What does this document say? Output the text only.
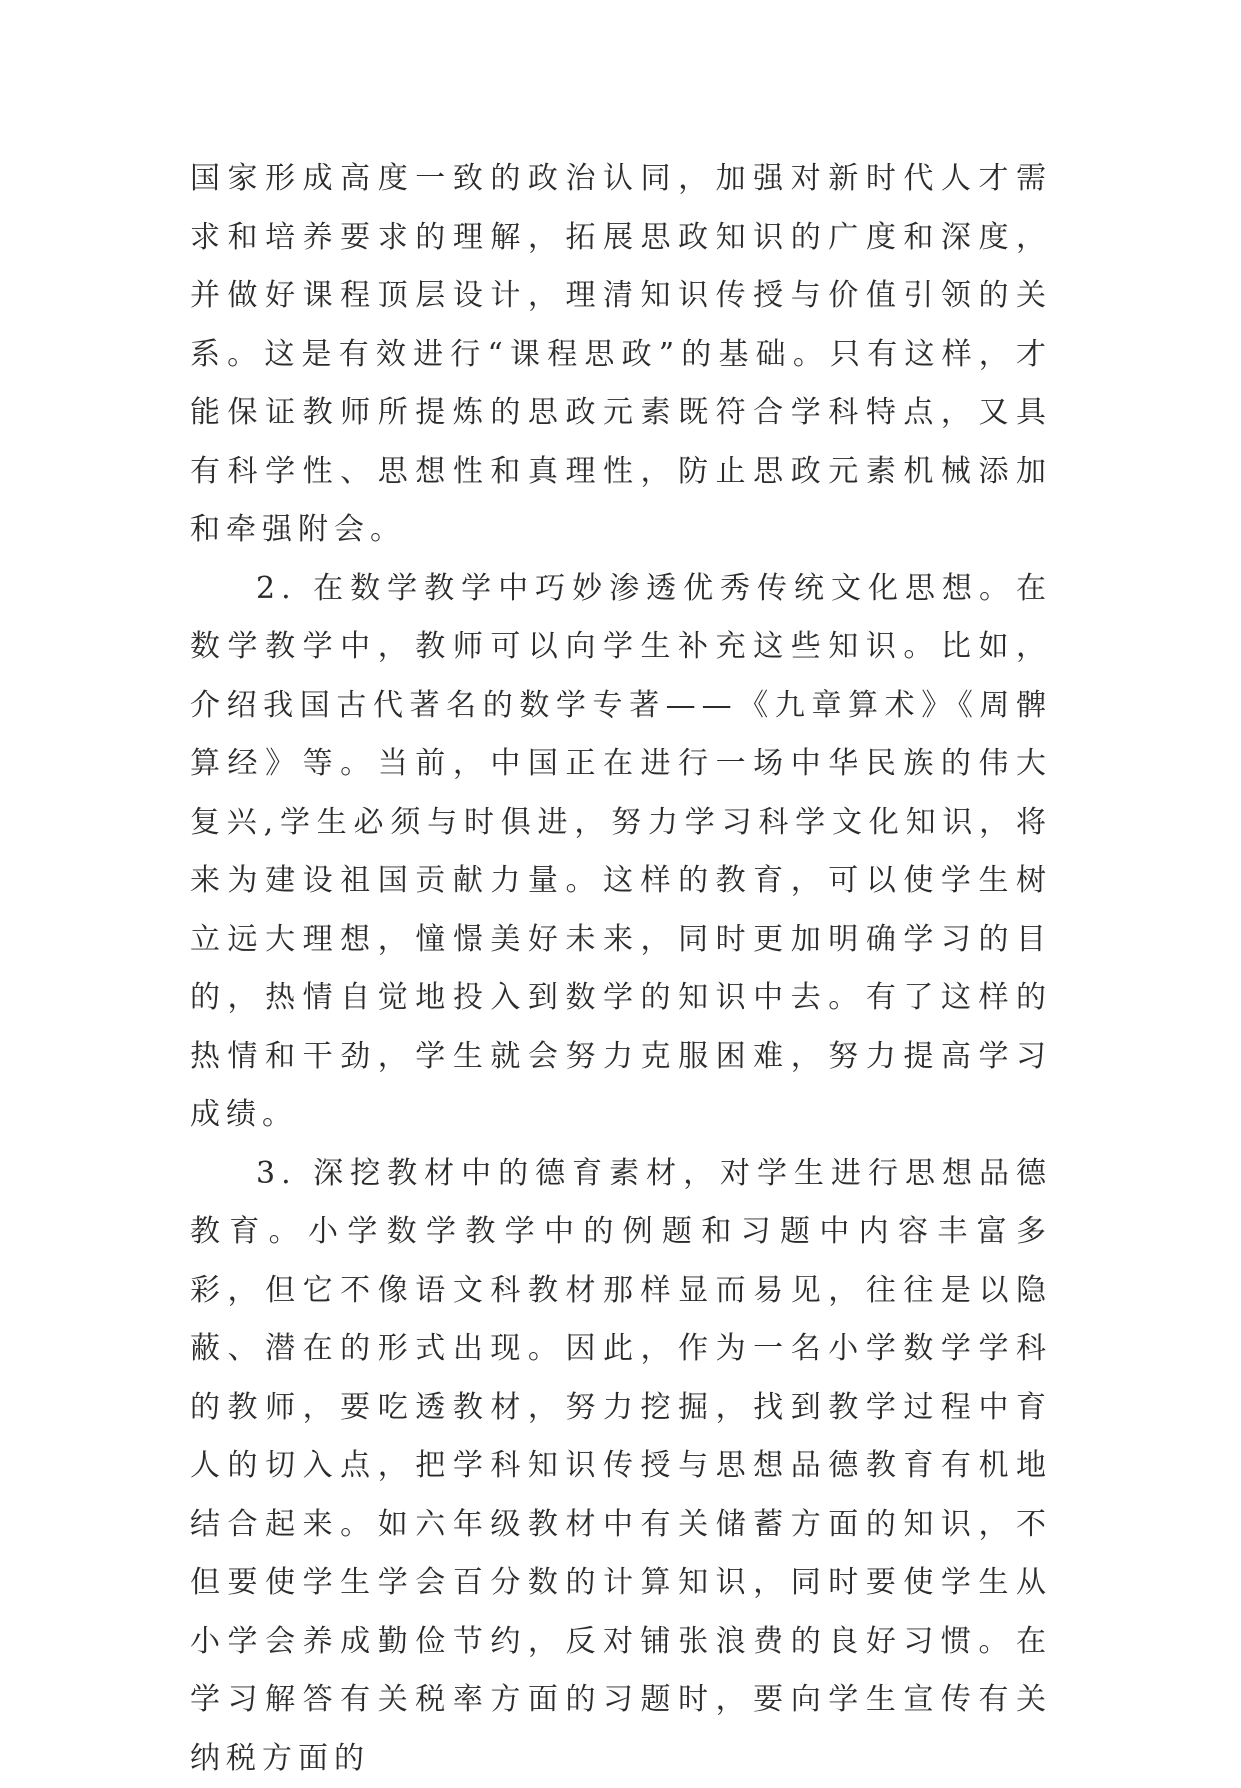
国家形成高度一致的政治认同，加强对新时代人才需求和培养要求的理解，拓展思政知识的广度和深度，并做好课程顶层设计，理清知识传授与价值引领的关系。这是有效进行“课程思政”的基础。只有这样，才能保证教师所提炼的思政元素既符合学科特点，又具有科学性、思想性和真理性，防止思政元素机械添加和牵强附会。

2. 在数学教学中巧妙渗透优秀传统文化思想。在数学教学中，教师可以向学生补充这些知识。比如，介绍我国古代著名的数学专著——《九章算术》《周髀算经》等。当前，中国正在进行一场中华民族的伟大复兴,学生必须与时俱进，努力学习科学文化知识，将来为建设祖国贡献力量。这样的教育，可以使学生树立远大理想，憧憬美好未来，同时更加明确学习的目的，热情自觉地投入到数学的知识中去。有了这样的热情和干劲，学生就会努力克服困难，努力提高学习成绩。

3. 深挖教材中的德育素材，对学生进行思想品德教育。小学数学教学中的例题和习题中内容丰富多彩，但它不像语文科教材那样显而易见，往往是以隐蔽、潜在的形式出现。因此，作为一名小学数学学科的教师，要吃透教材，努力挖掘，找到教学过程中育人的切入点，把学科知识传授与思想品德教育有机地结合起来。如六年级教材中有关储蓄方面的知识，不但要使学生学会百分数的计算知识，同时要使学生从小学会养成勤俭节约，反对铺张浪费的良好习惯。在学习解答有关税率方面的习题时，要向学生宣传有关纳税方面的
